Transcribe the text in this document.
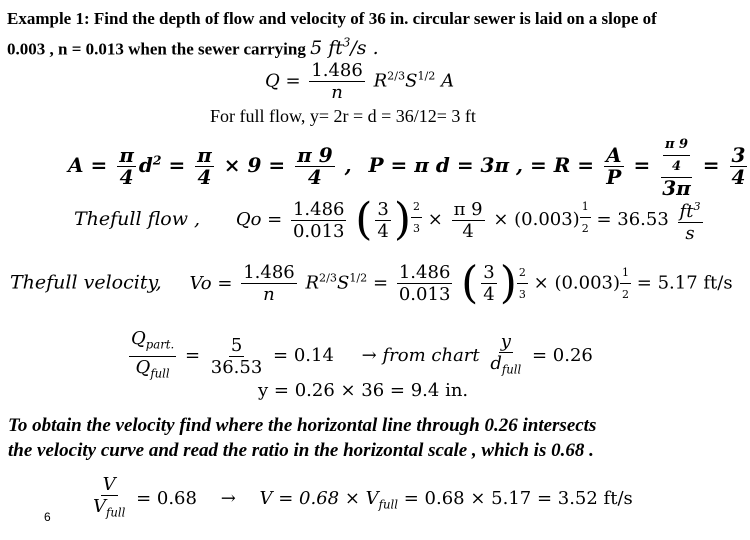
Example 1: Find the depth of flow and velocity of 36 in. circular sewer is laid on a slope of
0.003 , n = 0.013 when the sewer carrying 5 $ft^3/s$ .
$Q = \frac{1.486}{n} R^{2/3}S^{1/2}$ A
For full flow, y= 2r = d = 36/12= 3 ft
$A = \frac{\pi}{4} d^2 = \frac{\pi}{4} \times 9 = \frac{\pi 9}{4}$ , P = π d = 3π , = $R = \frac{A}{P} = \frac{\frac{\pi 9}{4}}{3\pi} = \frac{3}{4}$
Thefull flow , $Qo = \frac{1.486}{0.013}$ ( $\frac{3}{4}$ ) $\frac{2}{3} \times \frac{\pi 9}{4} \times (0.003) \frac{1}{2} = 36.53 \frac{ft^3}{s}$
Thefull velocity, $Vo = \frac{1.486}{n} R^{2/3}S^{1/2} = \frac{1.486}{0.013}$ ( $\frac{3}{4}$ ) $\frac{2}{3} \times (0.003) \frac{1}{2} = 5.17$ ft/s
$\frac{Q_{part.}}{Q_{full}} = \frac{5}{36.53} = 0.14$ → from chart $\frac{y}{d_{full}} = 0.26$
y = 0.26 × 36 = 9.4 in.
To obtain the velocity find where the horizontal line through 0.26 intersects
the velocity curve and read the ratio in the horizontal scale , which is 0.68 .
$\frac{V}{V_{full}} = 0.68 \to V = 0.68 \times V_{full} = 0.68 \times 5.17 = 3.52$ ft/s
6
